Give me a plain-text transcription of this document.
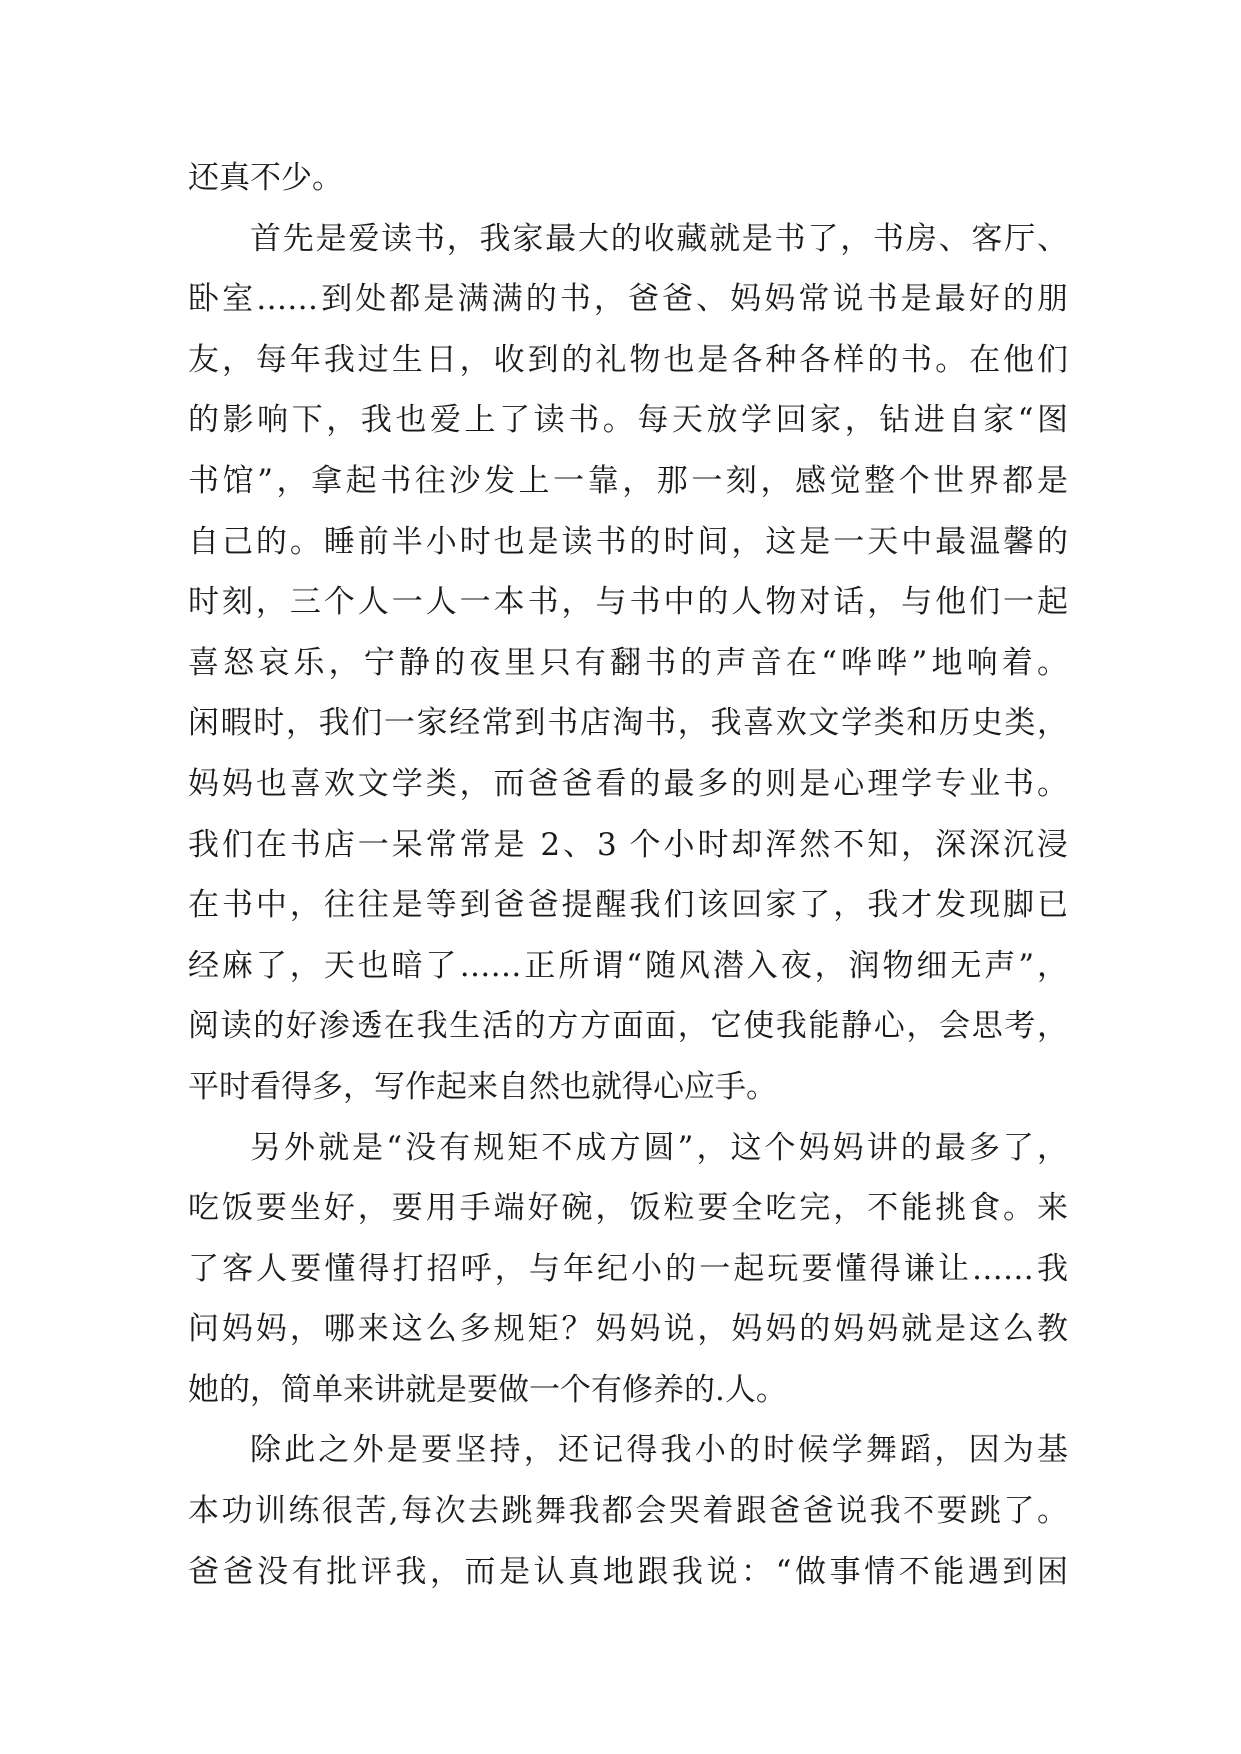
还真不少。
首先是爱读书，我家最大的收藏就是书了，书房、客厅、
卧室……到处都是满满的书，爸爸、妈妈常说书是最好的朋
友，每年我过生日，收到的礼物也是各种各样的书。在他们
的影响下，我也爱上了读书。每天放学回家，钻进自家“图
书馆”，拿起书往沙发上一靠，那一刻，感觉整个世界都是
自己的。睡前半小时也是读书的时间，这是一天中最温馨的
时刻，三个人一人一本书，与书中的人物对话，与他们一起
喜怒哀乐，宁静的夜里只有翻书的声音在“哗哗”地响着。
闲暇时，我们一家经常到书店淘书，我喜欢文学类和历史类，
妈妈也喜欢文学类，而爸爸看的最多的则是心理学专业书。
我们在书店一呆常常是 2、3 个小时却浑然不知，深深沉浸
在书中，往往是等到爸爸提醒我们该回家了，我才发现脚已
经麻了，天也暗了……正所谓“随风潜入夜，润物细无声”，
阅读的好渗透在我生活的方方面面，它使我能静心，会思考，
平时看得多，写作起来自然也就得心应手。
另外就是“没有规矩不成方圆”，这个妈妈讲的最多了，
吃饭要坐好，要用手端好碗，饭粒要全吃完，不能挑食。来
了客人要懂得打招呼，与年纪小的一起玩要懂得谦让……我
问妈妈，哪来这么多规矩？妈妈说，妈妈的妈妈就是这么教
她的，简单来讲就是要做一个有修养的.人。
除此之外是要坚持，还记得我小的时候学舞蹈，因为基
本功训练很苦,每次去跳舞我都会哭着跟爸爸说我不要跳了。
爸爸没有批评我，而是认真地跟我说：“做事情不能遇到困
